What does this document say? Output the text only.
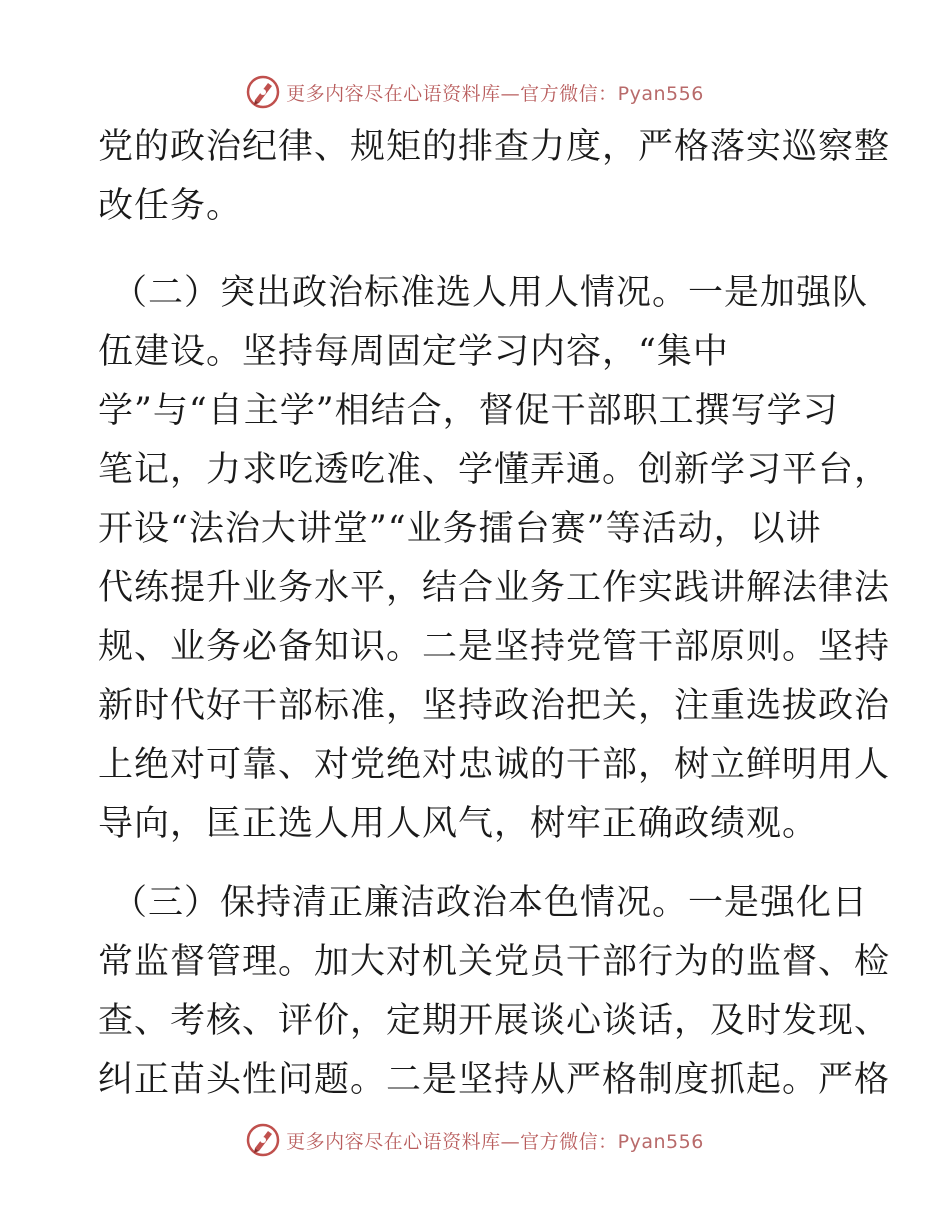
更多内容尽在心语资料库—官方微信：Pyan556
党的政治纪律、规矩的排查力度，严格落实巡察整
改任务。
（二）突出政治标准选人用人情况。一是加强队
伍建设。坚持每周固定学习内容，“集中
学”与“自主学”相结合，督促干部职工撰写学习
笔记，力求吃透吃准、学懂弄通。创新学习平台，
开设“法治大讲堂”“业务擂台赛”等活动，以讲
代练提升业务水平，结合业务工作实践讲解法律法
规、业务必备知识。二是坚持党管干部原则。坚持
新时代好干部标准，坚持政治把关，注重选拔政治
上绝对可靠、对党绝对忠诚的干部，树立鲜明用人
导向，匡正选人用人风气，树牢正确政绩观。
（三）保持清正廉洁政治本色情况。一是强化日
常监督管理。加大对机关党员干部行为的监督、检
查、考核、评价，定期开展谈心谈话，及时发现、
纠正苗头性问题。二是坚持从严格制度抓起。严格
更多内容尽在心语资料库—官方微信：Pyan556
